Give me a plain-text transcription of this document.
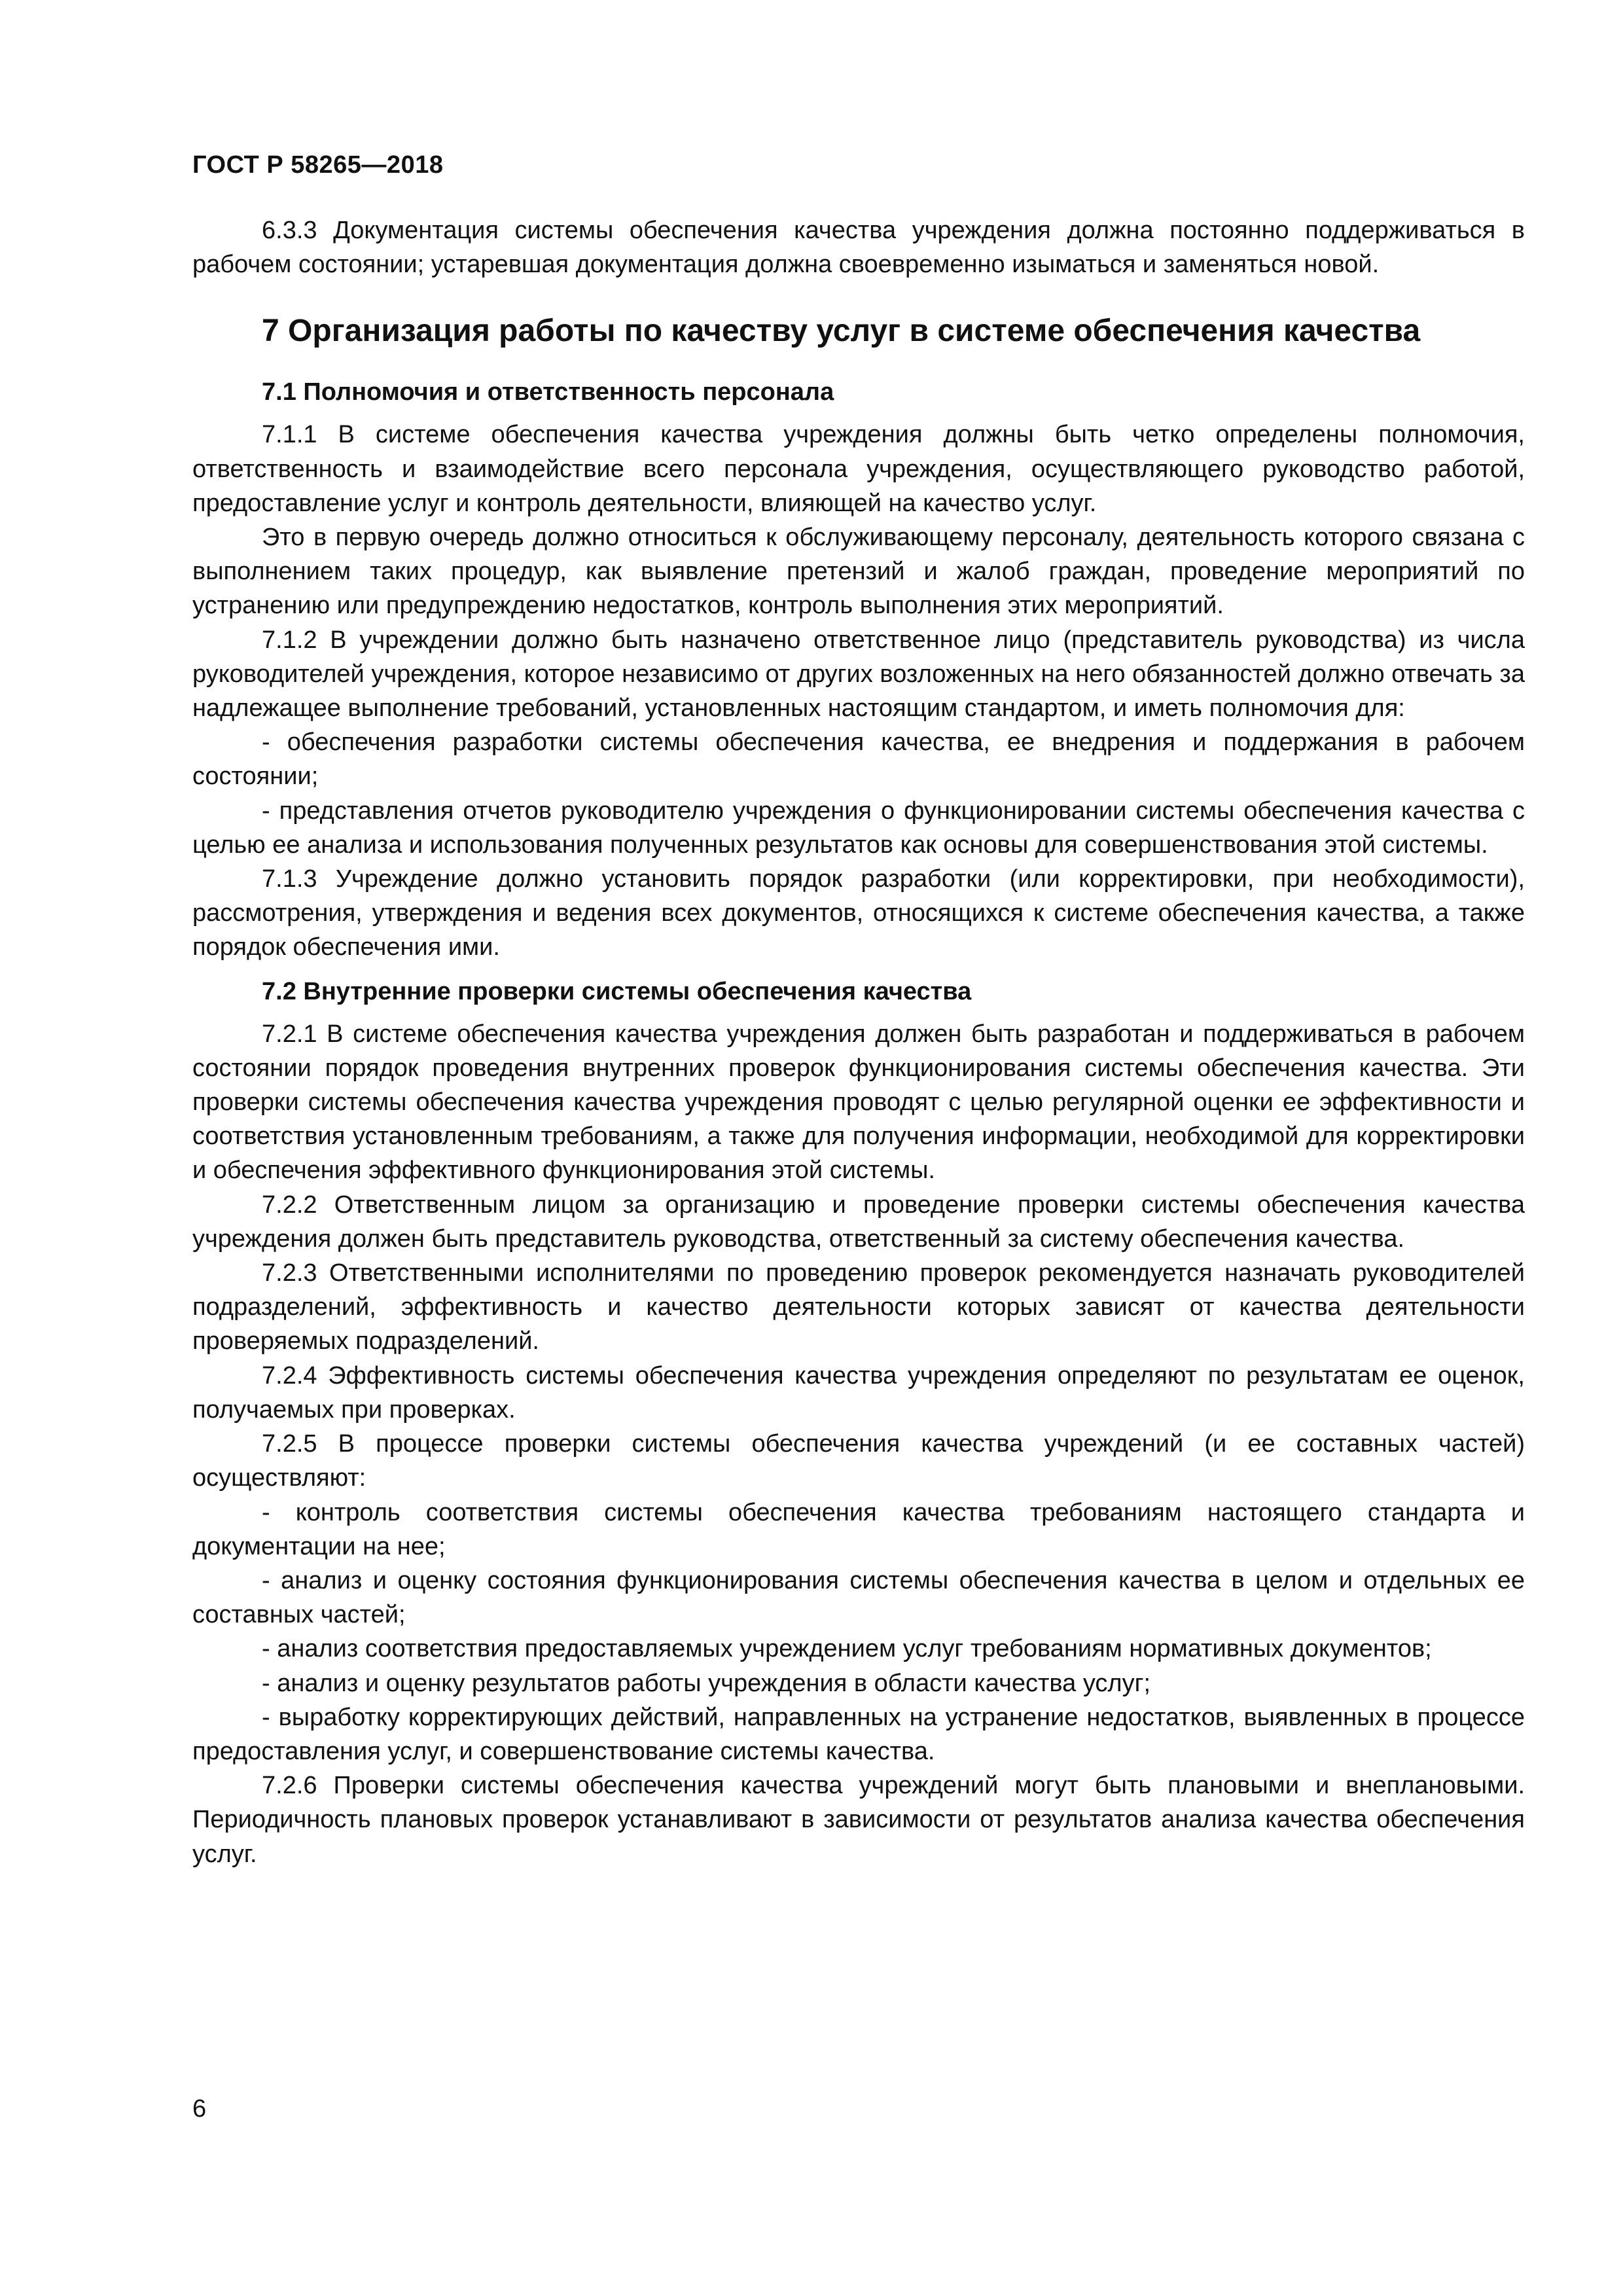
ГОСТ Р 58265—2018

6.3.3 Документация системы обеспечения качества учреждения должна постоянно поддерживаться в рабочем состоянии; устаревшая документация должна своевременно изыматься и заменяться новой.

7 Организация работы по качеству услуг в системе обеспечения качества
7.1 Полномочия и ответственность персонала

7.1.1 В системе обеспечения качества учреждения должны быть четко определены полномочия, ответственность и взаимодействие всего персонала учреждения, осуществляющего руководство работой, предоставление услуг и контроль деятельности, влияющей на качество услуг.

Это в первую очередь должно относиться к обслуживающему персоналу, деятельность которого связана с выполнением таких процедур, как выявление претензий и жалоб граждан, проведение мероприятий по устранению или предупреждению недостатков, контроль выполнения этих мероприятий.

7.1.2 В учреждении должно быть назначено ответственное лицо (представитель руководства) из числа руководителей учреждения, которое независимо от других возложенных на него обязанностей должно отвечать за надлежащее выполнение требований, установленных настоящим стандартом, и иметь полномочия для:

- обеспечения разработки системы обеспечения качества, ее внедрения и поддержания в рабочем состоянии;

- представления отчетов руководителю учреждения о функционировании системы обеспечения качества с целью ее анализа и использования полученных результатов как основы для совершенствования этой системы.

7.1.3 Учреждение должно установить порядок разработки (или корректировки, при необходимости), рассмотрения, утверждения и ведения всех документов, относящихся к системе обеспечения качества, а также порядок обеспечения ими.

7.2 Внутренние проверки системы обеспечения качества

7.2.1 В системе обеспечения качества учреждения должен быть разработан и поддерживаться в рабочем состоянии порядок проведения внутренних проверок функционирования системы обеспечения качества. Эти проверки системы обеспечения качества учреждения проводят с целью регулярной оценки ее эффективности и соответствия установленным требованиям, а также для получения информации, необходимой для корректировки и обеспечения эффективного функционирования этой системы.

7.2.2 Ответственным лицом за организацию и проведение проверки системы обеспечения качества учреждения должен быть представитель руководства, ответственный за систему обеспечения качества.

7.2.3 Ответственными исполнителями по проведению проверок рекомендуется назначать руководителей подразделений, эффективность и качество деятельности которых зависят от качества деятельности проверяемых подразделений.

7.2.4 Эффективность системы обеспечения качества учреждения определяют по результатам ее оценок, получаемых при проверках.

7.2.5 В процессе проверки системы обеспечения качества учреждений (и ее составных частей) осуществляют:

- контроль соответствия системы обеспечения качества требованиям настоящего стандарта и документации на нее;

- анализ и оценку состояния функционирования системы обеспечения качества в целом и отдельных ее составных частей;

- анализ соответствия предоставляемых учреждением услуг требованиям нормативных документов;

- анализ и оценку результатов работы учреждения в области качества услуг;

- выработку корректирующих действий, направленных на устранение недостатков, выявленных в процессе предоставления услуг, и совершенствование системы качества.

7.2.6 Проверки системы обеспечения качества учреждений могут быть плановыми и внеплановыми. Периодичность плановых проверок устанавливают в зависимости от результатов анализа качества обеспечения услуг.

6
